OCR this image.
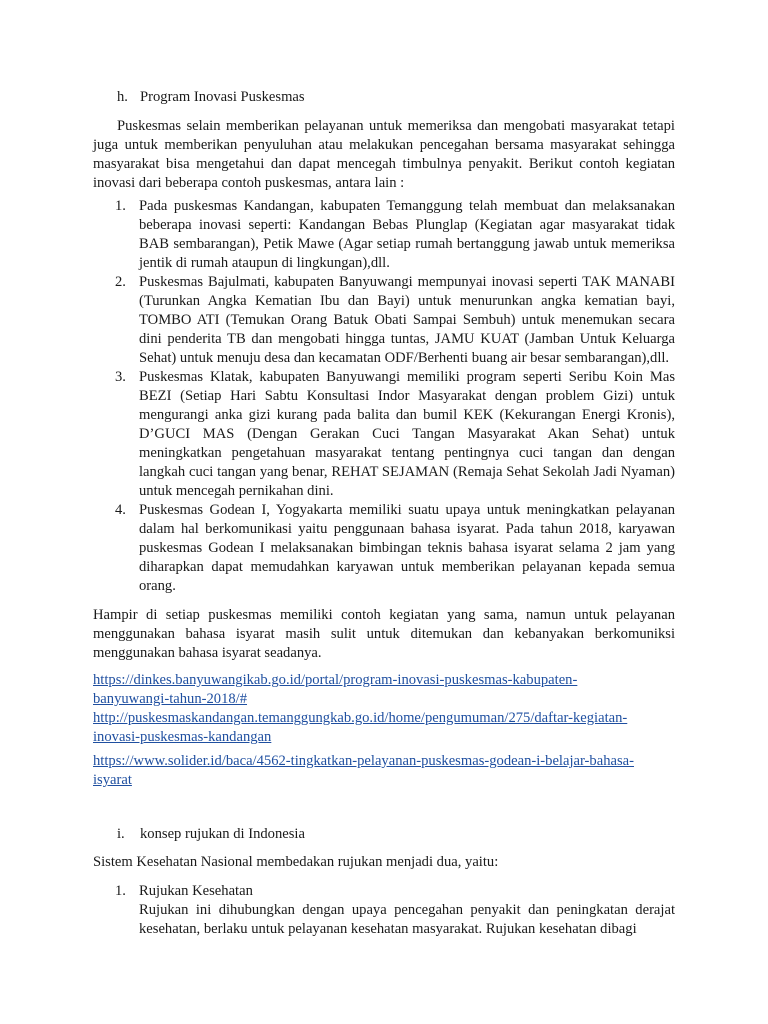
h. Program Inovasi Puskesmas

Puskesmas selain memberikan pelayanan untuk memeriksa dan mengobati masyarakat tetapi juga untuk memberikan penyuluhan atau melakukan pencegahan bersama masyarakat sehingga masyarakat bisa mengetahui dan dapat mencegah timbulnya penyakit. Berikut contoh kegiatan inovasi dari beberapa contoh puskesmas, antara lain :

1. Pada puskesmas Kandangan, kabupaten Temanggung telah membuat dan melaksanakan beberapa inovasi seperti: Kandangan Bebas Plunglap (Kegiatan agar masyarakat tidak BAB sembarangan), Petik Mawe (Agar setiap rumah bertanggung jawab untuk memeriksa jentik di rumah ataupun di lingkungan),dll.
2. Puskesmas Bajulmati, kabupaten Banyuwangi mempunyai inovasi seperti TAK MANABI (Turunkan Angka Kematian Ibu dan Bayi) untuk menurunkan angka kematian bayi, TOMBO ATI (Temukan Orang Batuk Obati Sampai Sembuh) untuk menemukan secara dini penderita TB dan mengobati hingga tuntas, JAMU KUAT (Jamban Untuk Keluarga Sehat) untuk menuju desa dan kecamatan ODF/Berhenti buang air besar sembarangan),dll.
3. Puskesmas Klatak, kabupaten Banyuwangi memiliki program seperti Seribu Koin Mas BEZI (Setiap Hari Sabtu Konsultasi Indor Masyarakat dengan problem Gizi) untuk mengurangi anka gizi kurang pada balita dan bumil KEK (Kekurangan Energi Kronis), D’GUCI MAS (Dengan Gerakan Cuci Tangan Masyarakat Akan Sehat) untuk meningkatkan pengetahuan masyarakat tentang pentingnya cuci tangan dan dengan langkah cuci tangan yang benar, REHAT SEJAMAN (Remaja Sehat Sekolah Jadi Nyaman) untuk mencegah pernikahan dini.
4. Puskesmas Godean I, Yogyakarta memiliki suatu upaya untuk meningkatkan pelayanan dalam hal berkomunikasi yaitu penggunaan bahasa isyarat. Pada tahun 2018, karyawan puskesmas Godean I melaksanakan bimbingan teknis bahasa isyarat selama 2 jam yang diharapkan dapat memudahkan karyawan untuk memberikan pelayanan kepada semua orang.

Hampir di setiap puskesmas memiliki contoh kegiatan yang sama, namun untuk pelayanan menggunakan bahasa isyarat masih sulit untuk ditemukan dan kebanyakan berkomuniksi menggunakan bahasa isyarat seadanya.

https://dinkes.banyuwangikab.go.id/portal/program-inovasi-puskesmas-kabupaten-
banyuwangi-tahun-2018/#
http://puskesmaskandangan.temanggungkab.go.id/home/pengumuman/275/daftar-kegiatan-
inovasi-puskesmas-kandangan
https://www.solider.id/baca/4562-tingkatkan-pelayanan-puskesmas-godean-i-belajar-bahasa-
isyarat
i.	konsep rujukan di Indonesia

Sistem Kesehatan Nasional membedakan rujukan menjadi dua, yaitu:

1. Rujukan Kesehatan
Rujukan ini dihubungkan dengan upaya pencegahan penyakit dan peningkatan derajat kesehatan, berlaku untuk pelayanan kesehatan masyarakat. Rujukan kesehatan dibagi
